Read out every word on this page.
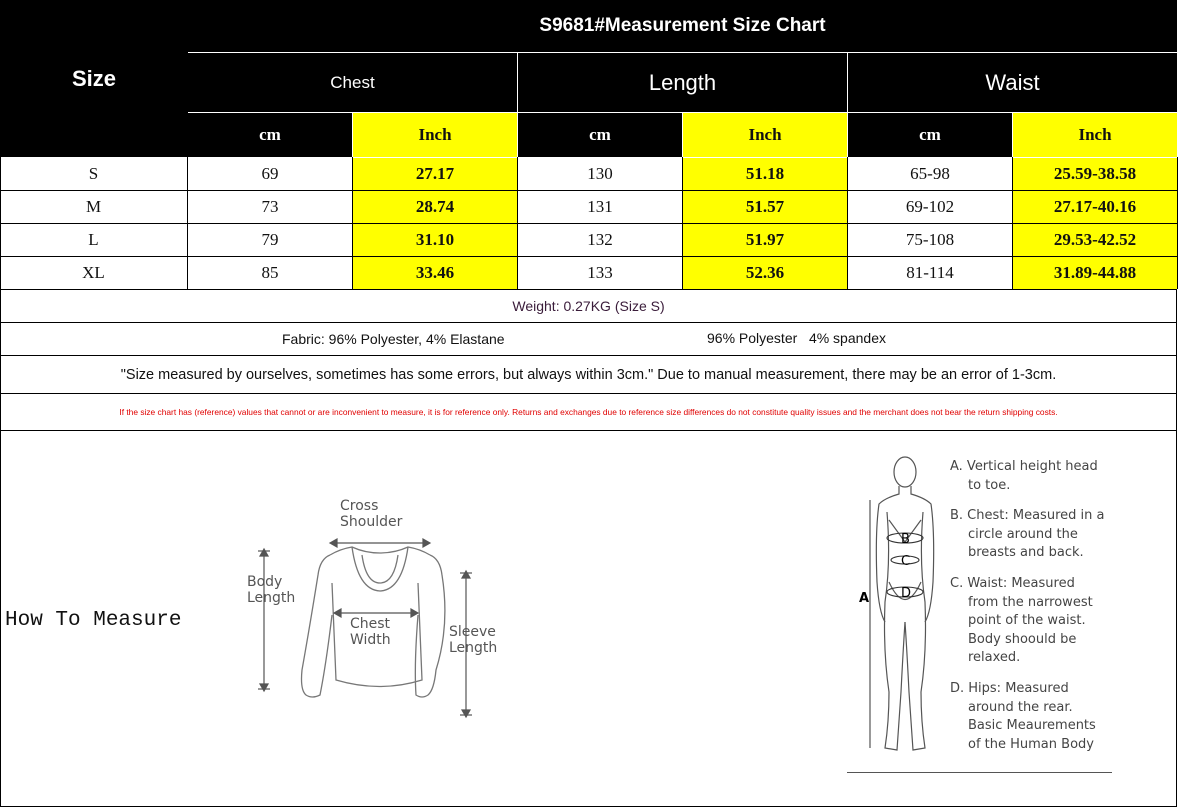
Size
S9681#Measurement Size Chart
Chest	Length	Waist
cm	Inch	cm	Inch	cm	Inch
S	69	27.17	130	51.18	65-98	25.59-38.58
M	73	28.74	131	51.57	69-102	27.17-40.16
L	79	31.10	132	51.97	75-108	29.53-42.52
XL	85	33.46	133	52.36	81-114	31.89-44.88
Weight: 0.27KG (Size S)
Fabric: 96% Polyester, 4% Elastane	96% Polyester   4% spandex
"Size measured by ourselves, sometimes has some errors, but always within 3cm." Due to manual measurement, there may be an error of 1-3cm.
If the size chart has (reference) values that cannot or are inconvenient to measure, it is for reference only. Returns and exchanges due to reference size differences do not constitute quality issues and the merchant does not bear the return shipping costs.
How To Measure
Cross
Shoulder
Body
Length
Chest
Width	Sleeve
Length
A
B
C
D
A. Vertical height head
to toe.
B. Chest: Measured in a
circle around the
breasts and back.
C. Waist: Measured
from the narrowest
point of the waist.
Body shoould be
relaxed.
D. Hips: Measured
around the rear.
Basic Meaurements
of the Human Body
